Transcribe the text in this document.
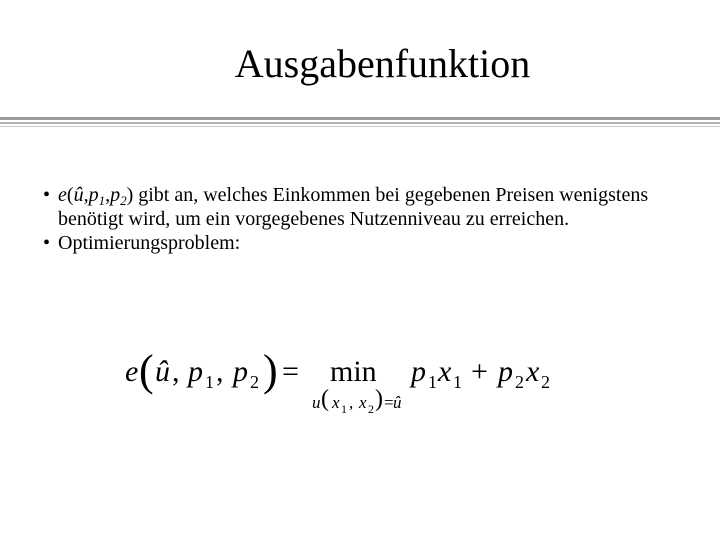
Ausgabenfunktion

• $e(û,p_1,p_2)$ gibt an, welches Einkommen bei gegebenen Preisen wenigstens benötigt wird, um ein vorgegebenes Nutzenniveau zu erreichen.

• Optimierungsproblem:

e ( û , p 1 , p 2 ) = min
u ( x 1 , x 2 ) = û
p 1 x 1 + p 2 x 2
